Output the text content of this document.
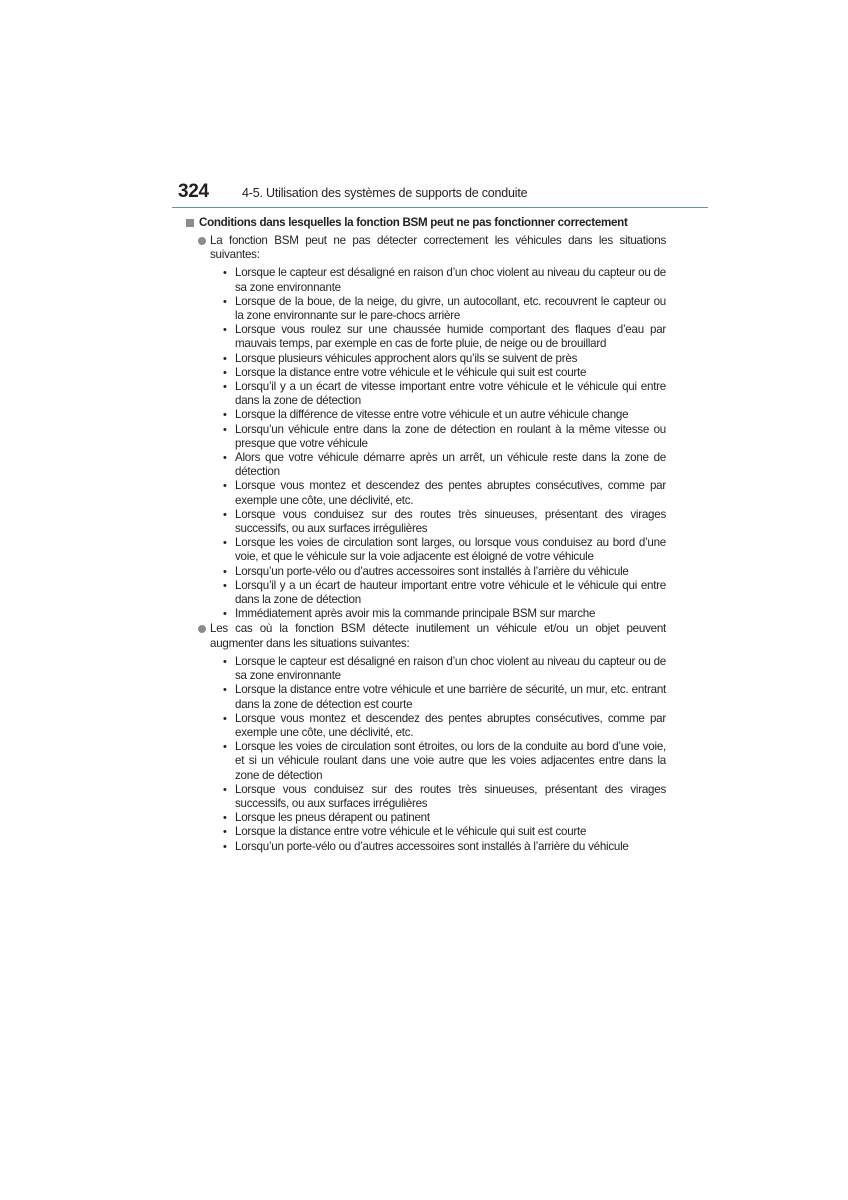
324	4-5. Utilisation des systèmes de supports de conduite
Conditions dans lesquelles la fonction BSM peut ne pas fonctionner correctement
La fonction BSM peut ne pas détecter correctement les véhicules dans les situations suivantes:
• Lorsque le capteur est désaligné en raison d’un choc violent au niveau du capteur ou de sa zone environnante
• Lorsque de la boue, de la neige, du givre, un autocollant, etc. recouvrent le capteur ou la zone environnante sur le pare-chocs arrière
• Lorsque vous roulez sur une chaussée humide comportant des flaques d’eau par mauvais temps, par exemple en cas de forte pluie, de neige ou de brouillard
• Lorsque plusieurs véhicules approchent alors qu’ils se suivent de près
• Lorsque la distance entre votre véhicule et le véhicule qui suit est courte
• Lorsqu’il y a un écart de vitesse important entre votre véhicule et le véhicule qui entre dans la zone de détection
• Lorsque la différence de vitesse entre votre véhicule et un autre véhicule change
• Lorsqu’un véhicule entre dans la zone de détection en roulant à la même vitesse ou presque que votre véhicule
• Alors que votre véhicule démarre après un arrêt, un véhicule reste dans la zone de détection
• Lorsque vous montez et descendez des pentes abruptes consécutives, comme par exemple une côte, une déclivité, etc.
• Lorsque vous conduisez sur des routes très sinueuses, présentant des virages successifs, ou aux surfaces irrégulières
• Lorsque les voies de circulation sont larges, ou lorsque vous conduisez au bord d’une voie, et que le véhicule sur la voie adjacente est éloigné de votre véhicule
• Lorsqu’un porte-vélo ou d’autres accessoires sont installés à l’arrière du véhicule
• Lorsqu’il y a un écart de hauteur important entre votre véhicule et le véhicule qui entre dans la zone de détection
• Immédiatement après avoir mis la commande principale BSM sur marche
Les cas où la fonction BSM détecte inutilement un véhicule et/ou un objet peuvent augmenter dans les situations suivantes:
• Lorsque le capteur est désaligné en raison d’un choc violent au niveau du capteur ou de sa zone environnante
• Lorsque la distance entre votre véhicule et une barrière de sécurité, un mur, etc. entrant dans la zone de détection est courte
• Lorsque vous montez et descendez des pentes abruptes consécutives, comme par exemple une côte, une déclivité, etc.
• Lorsque les voies de circulation sont étroites, ou lors de la conduite au bord d’une voie, et si un véhicule roulant dans une voie autre que les voies adjacentes entre dans la zone de détection
• Lorsque vous conduisez sur des routes très sinueuses, présentant des virages successifs, ou aux surfaces irrégulières
• Lorsque les pneus dérapent ou patinent
• Lorsque la distance entre votre véhicule et le véhicule qui suit est courte
• Lorsqu’un porte-vélo ou d’autres accessoires sont installés à l’arrière du véhicule
